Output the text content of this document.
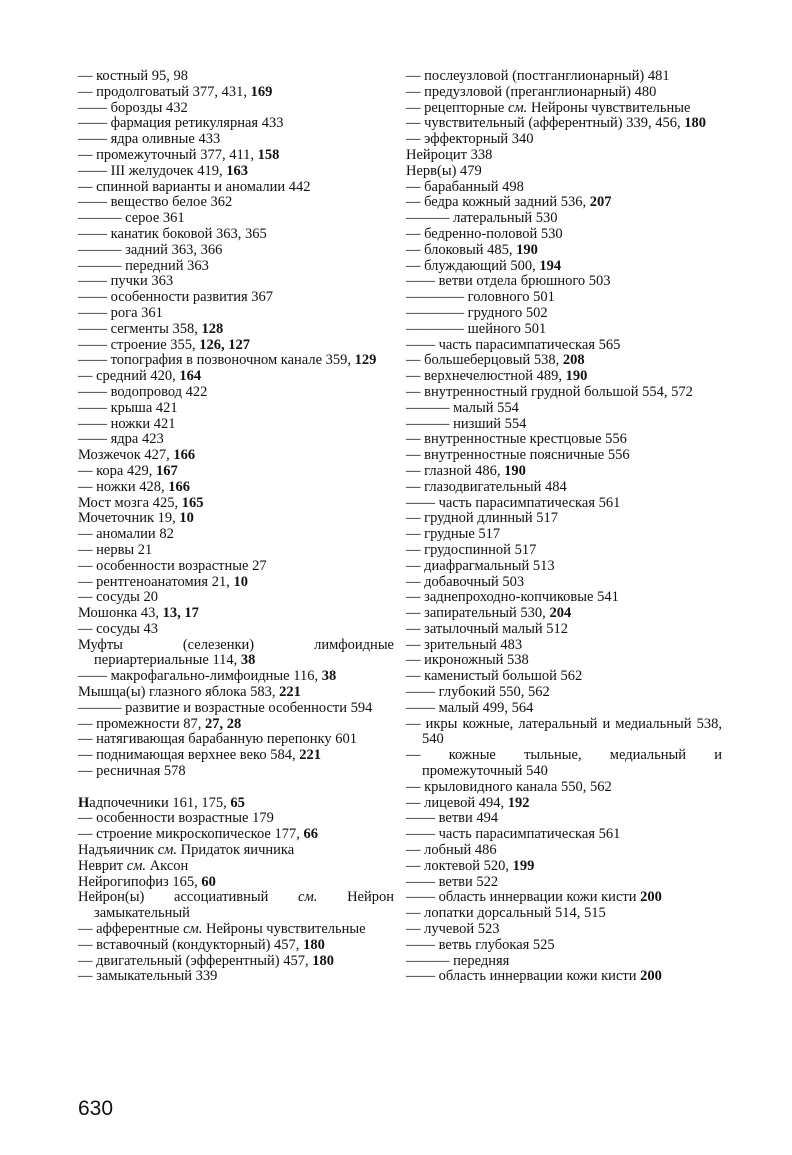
— костный 95, 98
— продолговатый 377, 431, 169
—— борозды 432
—— фармация ретикулярная 433
—— ядра оливные 433
— промежуточный 377, 411, 158
—— III желудочек 419, 163
— спинной варианты и аномалии 442
—— вещество белое 362
——— серое 361
—— канатик боковой 363, 365
——— задний 363, 366
——— передний 363
—— пучки 363
—— особенности развития 367
—— рога 361
—— сегменты 358, 128
—— строение 355, 126, 127
—— топография в позвоночном канале 359, 129
— средний 420, 164
—— водопровод 422
—— крыша 421
—— ножки 421
—— ядра 423
Мозжечок 427, 166
— кора 429, 167
— ножки 428, 166
Мост мозга 425, 165
Мочеточник 19, 10
— аномалии 82
— нервы 21
— особенности возрастные 27
— рентгеноанатомия 21, 10
— сосуды 20
Мошонка 43, 13, 17
— сосуды 43
Муфты (селезенки) лимфоидные периартериальные 114, 38
—— макрофагально-лимфоидные 116, 38
Мышца(ы) глазного яблока 583, 221
——— развитие и возрастные особенности 594
— промежности 87, 27, 28
— натягивающая барабанную перепонку 601
— поднимающая верхнее веко 584, 221
— ресничная 578
Надпочечники 161, 175, 65
— особенности возрастные 179
— строение микроскопическое 177, 66
Надъяичник см. Придаток яичника
Неврит см. Аксон
Нейрогипофиз 165, 60
Нейрон(ы) ассоциативный см. Нейрон замыкательный
— афферентные см. Нейроны чувствительные
— вставочный (кондукторный) 457, 180
— двигательный (эфферентный) 457, 180
— замыкательный 339
— послеузловой (постганглионарный) 481
— предузловой (преганглионарный) 480
— рецепторные см. Нейроны чувствительные
— чувствительный (афферентный) 339, 456, 180
— эффекторный 340
Нейроцит 338
Нерв(ы) 479
— барабанный 498
— бедра кожный задний 536, 207
——— латеральный 530
— бедренно-половой 530
— блоковый 485, 190
— блуждающий 500, 194
—— ветви отдела брюшного 503
———— головного 501
———— грудного 502
———— шейного 501
—— часть парасимпатическая 565
— большеберцовый 538, 208
— верхнечелюстной 489, 190
— внутренностный грудной большой 554, 572
——— малый 554
——— низший 554
— внутренностные крестцовые 556
— внутренностные поясничные 556
— глазной 486, 190
— глазодвигательный 484
—— часть парасимпатическая 561
— грудной длинный 517
— грудные 517
— грудоспинной 517
— диафрагмальный 513
— добавочный 503
— заднепроходно-копчиковые 541
— запирательный 530, 204
— затылочный малый 512
— зрительный 483
— икроножный 538
— каменистый большой 562
—— глубокий 550, 562
—— малый 499, 564
— икры кожные, латеральный и медиальный 538, 540
— кожные тыльные, медиальный и промежуточный 540
— крыловидного канала 550, 562
— лицевой 494, 192
—— ветви 494
—— часть парасимпатическая 561
— лобный 486
— локтевой 520, 199
—— ветви 522
—— область иннервации кожи кисти 200
— лопатки дорсальный 514, 515
— лучевой 523
—— ветвь глубокая 525
——— передняя
—— область иннервации кожи кисти 200
630
